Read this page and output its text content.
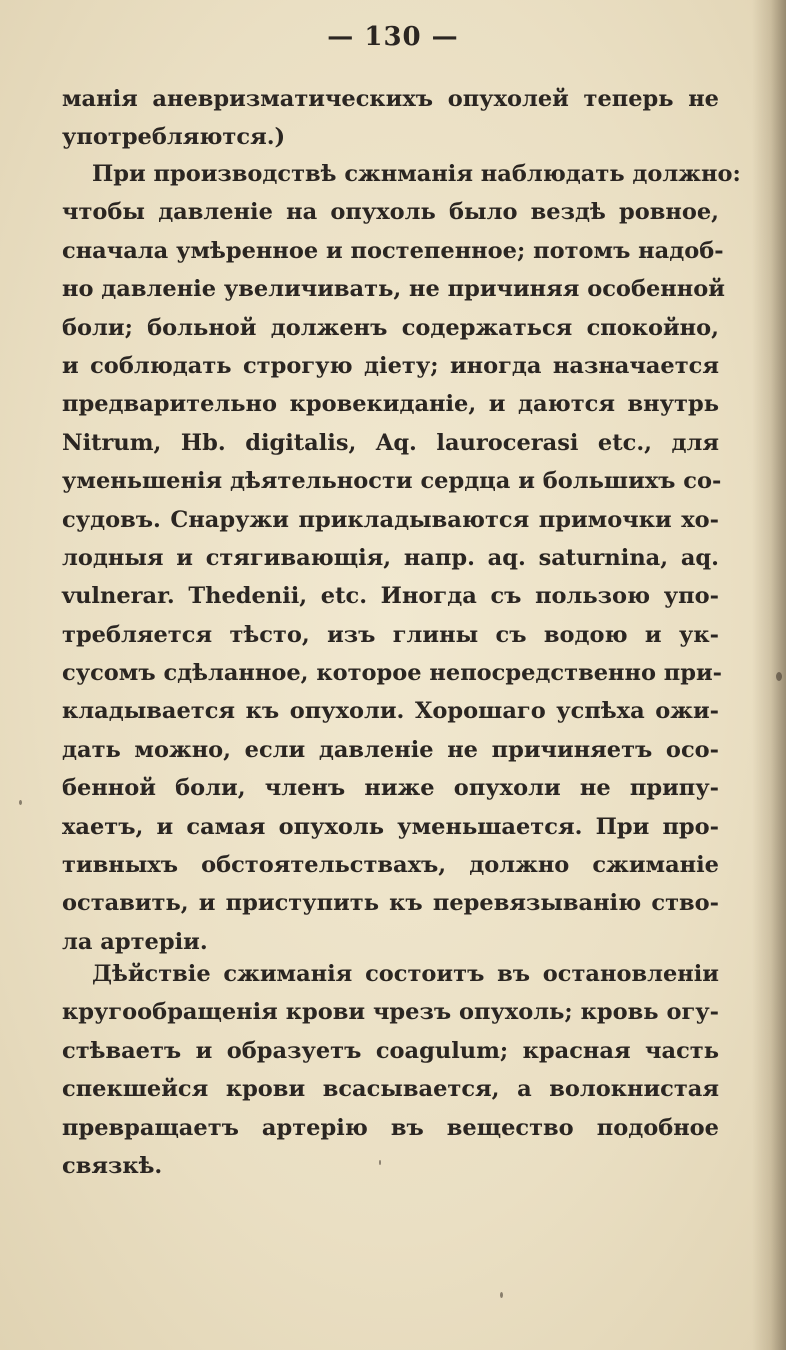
— 130 —
манія аневризматическихъ опухолей теперь не
употребляются.)
При производствѣ сжнманія наблюдать должно:
чтобы давленіе на опухоль было вездѣ ровное,
сначала умѣренное и постепенное; потомъ надоб-
но давленіе увеличивать, не причиняя особенной
боли; больной долженъ содержаться спокойно,
и соблюдать строгую діету; иногда назначается
предварительно кровекиданіе, и даются внутрь
Nitrum, Hb. digitalis, Aq. laurocerasi etc., для
уменьшенія дѣятельности сердца и большихъ со-
судовъ. Снаружи прикладываются примочки хо-
лодныя и стягивающія, напр. aq. saturnina, aq.
vulnerar. Thedenii, etc. Иногда съ пользою упо-
требляется тѣсто, изъ глины съ водою и ук-
сусомъ сдѣланное, которое непосредственно при-
кладывается къ опухоли. Хорошаго успѣха ожи-
дать можно, если давленіе не причиняетъ осо-
бенной боли, членъ ниже опухоли не припу-
хаетъ, и самая опухоль уменьшается. При про-
тивныхъ обстоятельствахъ, должно сжиманіе
оставить, и приступить къ перевязыванію ство-
ла артеріи.
Дѣйствіе сжиманія состоитъ въ остановленіи
кругообращенія крови чрезъ опухоль; кровь огу-
стѣваетъ и образуетъ coagulum; красная часть
спекшейся крови всасывается, а волокнистая
превращаетъ артерію въ вещество подобное
связкѣ.
